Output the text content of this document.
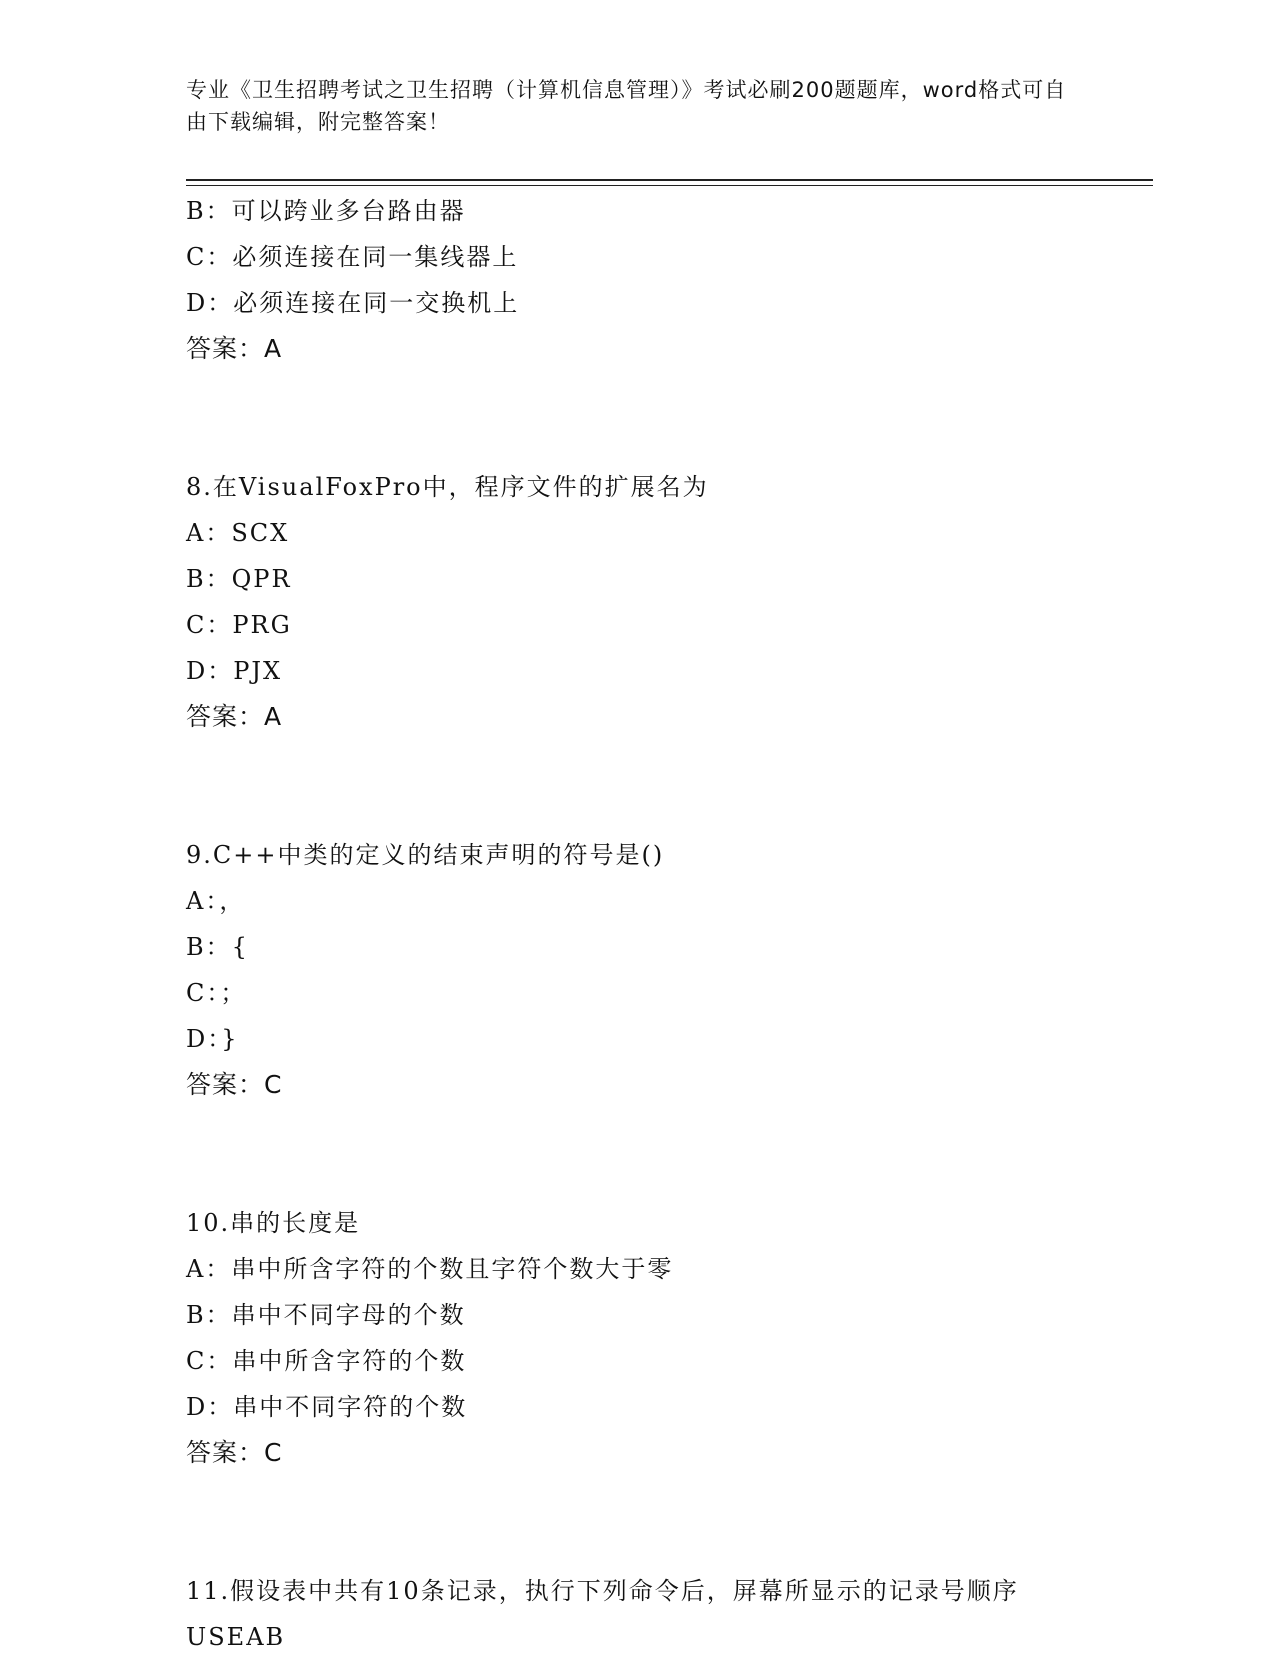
专业《卫生招聘考试之卫生招聘（计算机信息管理）》考试必刷200题题库，word格式可自由下载编辑，附完整答案！
B：可以跨业多台路由器
C：必须连接在同一集线器上
D：必须连接在同一交换机上
答案：A
8.在VisualFoxPro中，程序文件的扩展名为
A：SCX
B：QPR
C：PRG
D：PJX
答案：A
9.C++中类的定义的结束声明的符号是()
A：，
B：{
C：；
D：}
答案：C
10.串的长度是
A：串中所含字符的个数且字符个数大于零
B：串中不同字母的个数
C：串中所含字符的个数
D：串中不同字符的个数
答案：C
11.假设表中共有10条记录，执行下列命令后，屏幕所显示的记录号顺序USEAB
